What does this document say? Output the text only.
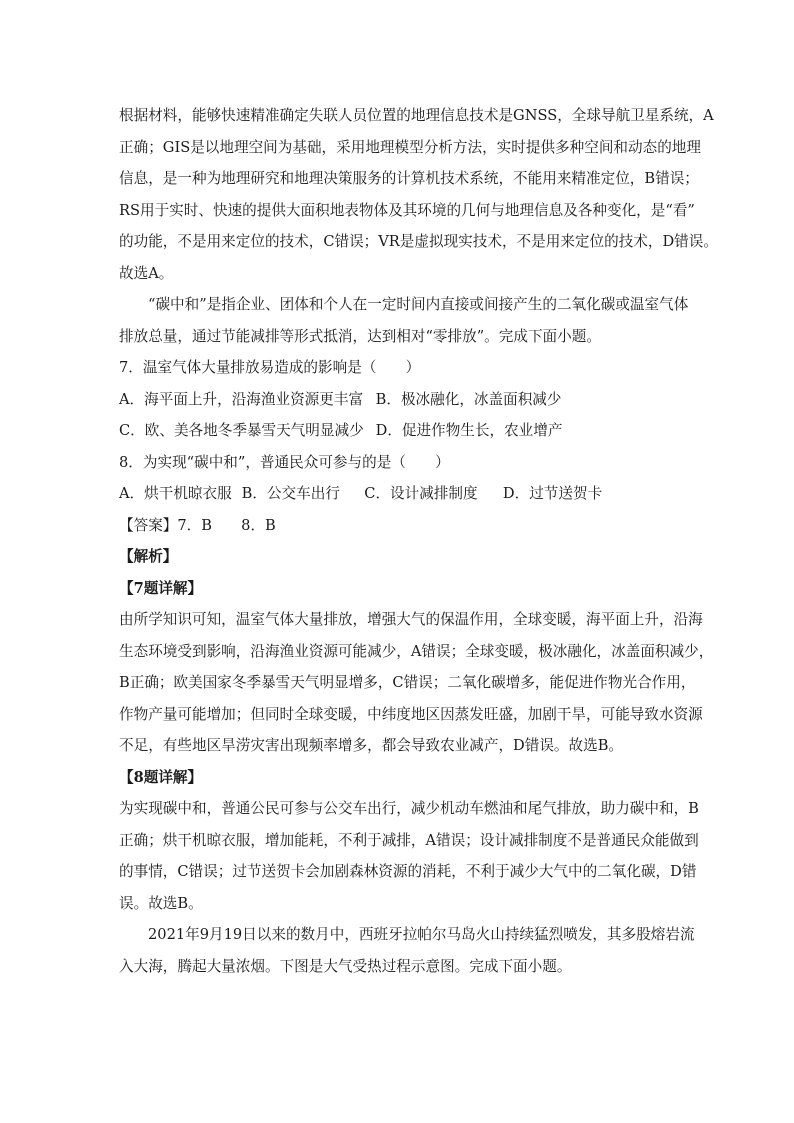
根据材料，能够快速精准确定失联人员位置的地理信息技术是GNSS，全球导航卫星系统，A
正确；GIS是以地理空间为基础，采用地理模型分析方法，实时提供多种空间和动态的地理
信息，是一种为地理研究和地理决策服务的计算机技术系统，不能用来精准定位，B错误；
RS用于实时、快速的提供大面积地表物体及其环境的几何与地理信息及各种变化，是“看”
的功能，不是用来定位的技术，C错误；VR是虚拟现实技术，不是用来定位的技术，D错误。
故选A。
“碳中和”是指企业、团体和个人在一定时间内直接或间接产生的二氧化碳或温室气体
排放总量，通过节能减排等形式抵消，达到相对“零排放”。完成下面小题。
7．温室气体大量排放易造成的影响是（　　）
A．海平面上升，沿海渔业资源更丰富 B．极冰融化，冰盖面积减少
C．欧、美各地冬季暴雪天气明显减少 D．促进作物生长，农业增产
8．为实现“碳中和”，普通民众可参与的是（　　）
A．烘干机晾衣服 B．公交车出行 C．设计减排制度 D．过节送贺卡
【答案】7．B　　8．B
【解析】
【7题详解】
由所学知识可知，温室气体大量排放，增强大气的保温作用，全球变暖，海平面上升，沿海
生态环境受到影响，沿海渔业资源可能减少，A错误；全球变暖，极冰融化，冰盖面积减少，
B正确；欧美国家冬季暴雪天气明显增多，C错误；二氧化碳增多，能促进作物光合作用，
作物产量可能增加；但同时全球变暖，中纬度地区因蒸发旺盛，加剧干旱，可能导致水资源
不足，有些地区旱涝灾害出现频率增多，都会导致农业减产，D错误。故选B。
【8题详解】
为实现碳中和，普通公民可参与公交车出行，减少机动车燃油和尾气排放，助力碳中和，B
正确；烘干机晾衣服，增加能耗，不利于减排，A错误；设计减排制度不是普通民众能做到
的事情，C错误；过节送贺卡会加剧森林资源的消耗，不利于减少大气中的二氧化碳，D错
误。故选B。
2021年9月19日以来的数月中，西班牙拉帕尔马岛火山持续猛烈喷发，其多股熔岩流
入大海，腾起大量浓烟。下图是大气受热过程示意图。完成下面小题。
